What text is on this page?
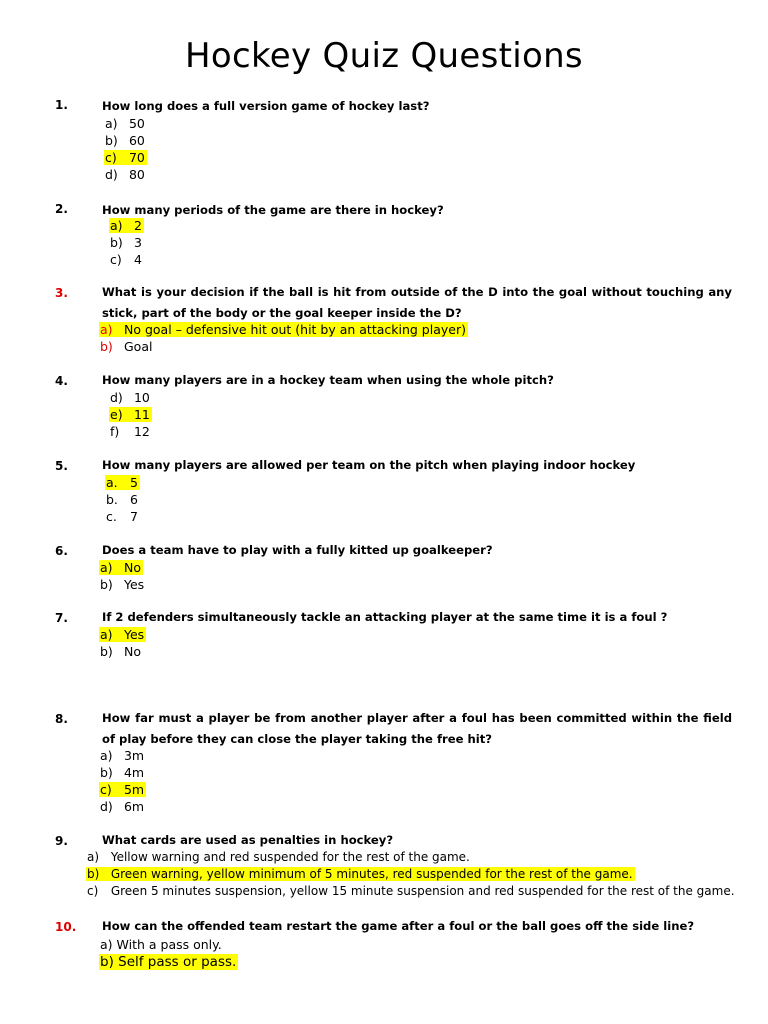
Hockey Quiz Questions
1.	How long does a full version game of hockey last?
a) 50
b) 60
c) 70
d) 80
2.	How many periods of the game are there in hockey?
a) 2
b) 3
c) 4
3.	What is your decision if the ball is hit from outside of the D into the goal without touching any stick, part of the body or the goal keeper inside the D?
a) No goal – defensive hit out (hit by an attacking player)
b) Goal
4.	How many players are in a hockey team when using the whole pitch?
d) 10
e) 11
f) 12
5.	How many players are allowed per team on the pitch when playing indoor hockey
a. 5
b. 6
c. 7
6.	Does a team have to play with a fully kitted up goalkeeper?
a) No
b) Yes
7.	If 2 defenders simultaneously tackle an attacking player at the same time it is a foul ?
a) Yes
b) No
8.	How far must a player be from another player after a foul has been committed within the field of play before they can close the player taking the free hit?
a) 3m
b) 4m
c) 5m
d) 6m
9.	What cards are used as penalties in hockey?
a) Yellow warning and red suspended for the rest of the game.
b) Green warning, yellow minimum of 5 minutes, red suspended for the rest of the game.
c) Green 5 minutes suspension, yellow 15 minute suspension and red suspended for the rest of the game.
10. How can the offended team restart the game after a foul or the ball goes off the side line?
a) With a pass only.
b) Self pass or pass.
